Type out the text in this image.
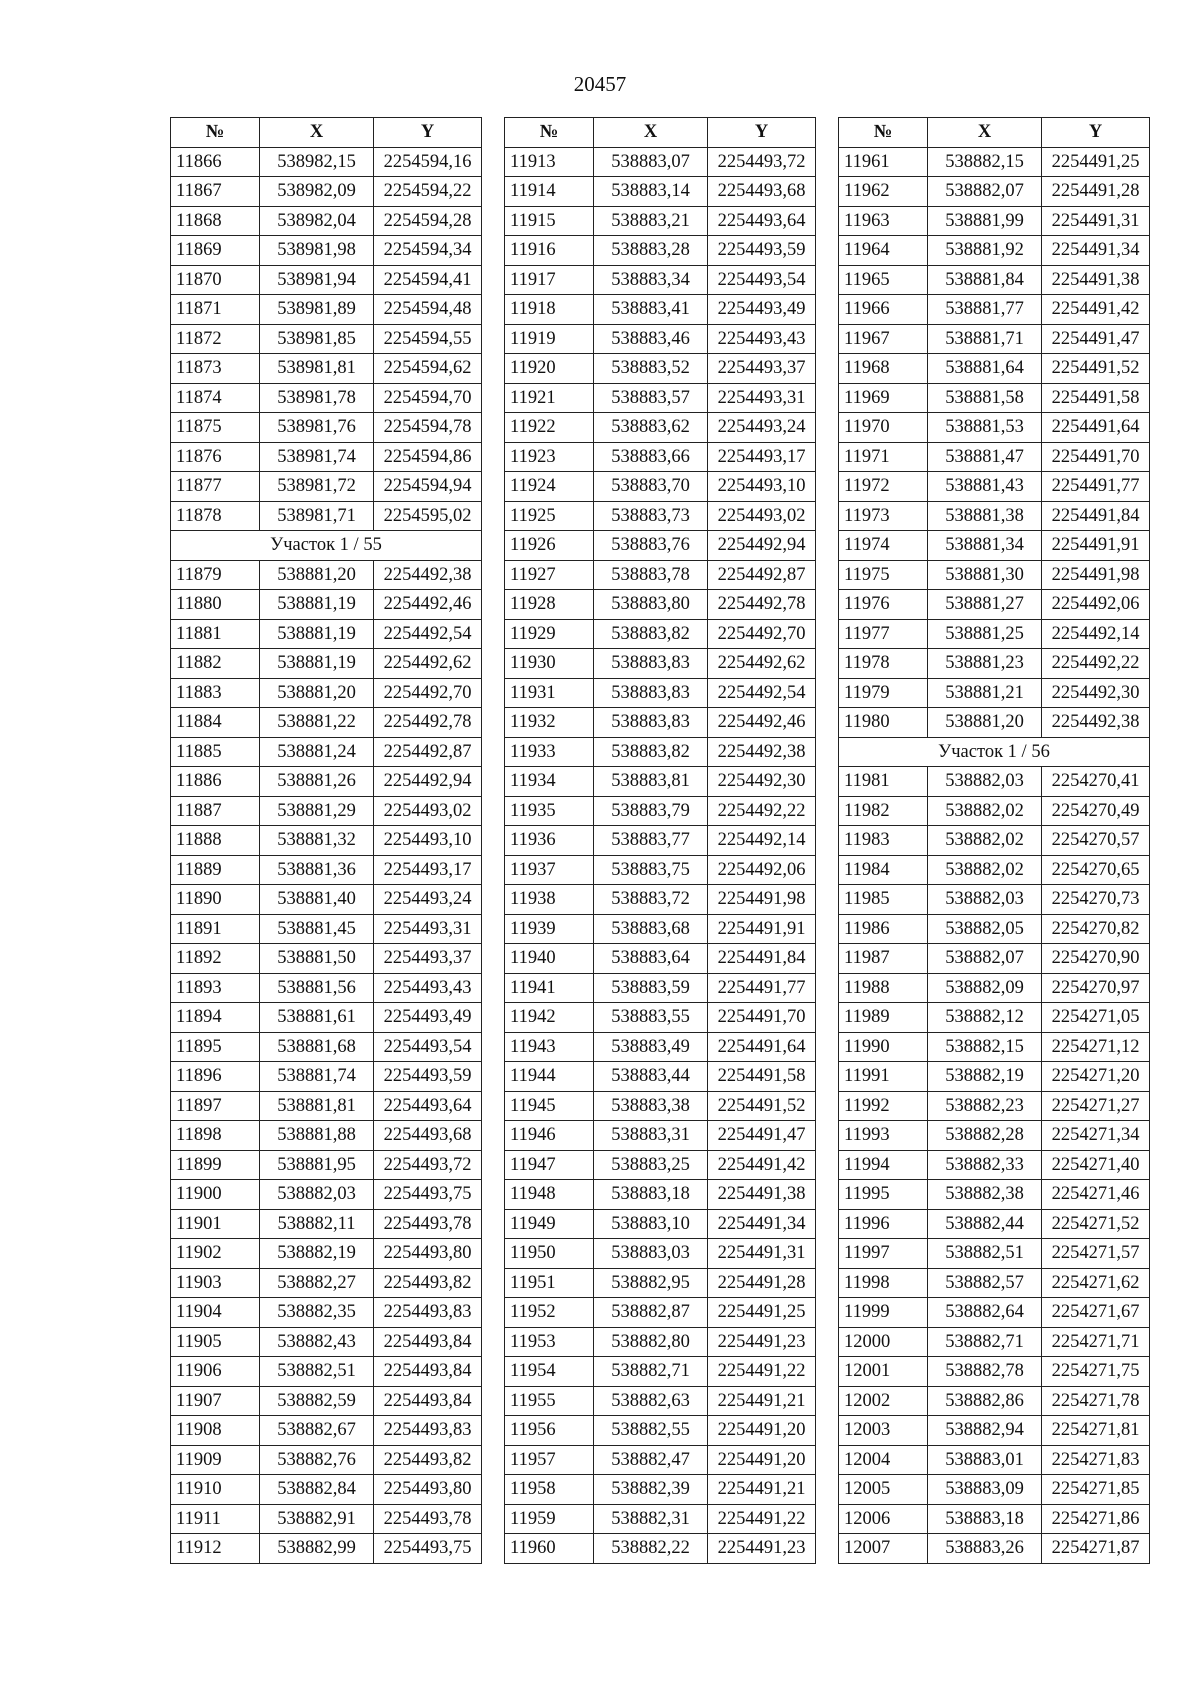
20457
№	X	Y
11866	538982,15	2254594,16
11867	538982,09	2254594,22
11868	538982,04	2254594,28
11869	538981,98	2254594,34
11870	538981,94	2254594,41
11871	538981,89	2254594,48
11872	538981,85	2254594,55
11873	538981,81	2254594,62
11874	538981,78	2254594,70
11875	538981,76	2254594,78
11876	538981,74	2254594,86
11877	538981,72	2254594,94
11878	538981,71	2254595,02
Участок 1 / 55		
11879	538881,20	2254492,38
11880	538881,19	2254492,46
11881	538881,19	2254492,54
11882	538881,19	2254492,62
11883	538881,20	2254492,70
11884	538881,22	2254492,78
11885	538881,24	2254492,87
11886	538881,26	2254492,94
11887	538881,29	2254493,02
11888	538881,32	2254493,10
11889	538881,36	2254493,17
11890	538881,40	2254493,24
11891	538881,45	2254493,31
11892	538881,50	2254493,37
11893	538881,56	2254493,43
11894	538881,61	2254493,49
11895	538881,68	2254493,54
11896	538881,74	2254493,59
11897	538881,81	2254493,64
11898	538881,88	2254493,68
11899	538881,95	2254493,72
11900	538882,03	2254493,75
11901	538882,11	2254493,78
11902	538882,19	2254493,80
11903	538882,27	2254493,82
11904	538882,35	2254493,83
11905	538882,43	2254493,84
11906	538882,51	2254493,84
11907	538882,59	2254493,84
11908	538882,67	2254493,83
11909	538882,76	2254493,82
11910	538882,84	2254493,80
11911	538882,91	2254493,78
11912	538882,99	2254493,75
№	X	Y
11913	538883,07	2254493,72
11914	538883,14	2254493,68
11915	538883,21	2254493,64
11916	538883,28	2254493,59
11917	538883,34	2254493,54
11918	538883,41	2254493,49
11919	538883,46	2254493,43
11920	538883,52	2254493,37
11921	538883,57	2254493,31
11922	538883,62	2254493,24
11923	538883,66	2254493,17
11924	538883,70	2254493,10
11925	538883,73	2254493,02
11926	538883,76	2254492,94
11927	538883,78	2254492,87
11928	538883,80	2254492,78
11929	538883,82	2254492,70
11930	538883,83	2254492,62
11931	538883,83	2254492,54
11932	538883,83	2254492,46
11933	538883,82	2254492,38
11934	538883,81	2254492,30
11935	538883,79	2254492,22
11936	538883,77	2254492,14
11937	538883,75	2254492,06
11938	538883,72	2254491,98
11939	538883,68	2254491,91
11940	538883,64	2254491,84
11941	538883,59	2254491,77
11942	538883,55	2254491,70
11943	538883,49	2254491,64
11944	538883,44	2254491,58
11945	538883,38	2254491,52
11946	538883,31	2254491,47
11947	538883,25	2254491,42
11948	538883,18	2254491,38
11949	538883,10	2254491,34
11950	538883,03	2254491,31
11951	538882,95	2254491,28
11952	538882,87	2254491,25
11953	538882,80	2254491,23
11954	538882,71	2254491,22
11955	538882,63	2254491,21
11956	538882,55	2254491,20
11957	538882,47	2254491,20
11958	538882,39	2254491,21
11959	538882,31	2254491,22
11960	538882,22	2254491,23
№	X	Y
11961	538882,15	2254491,25
11962	538882,07	2254491,28
11963	538881,99	2254491,31
11964	538881,92	2254491,34
11965	538881,84	2254491,38
11966	538881,77	2254491,42
11967	538881,71	2254491,47
11968	538881,64	2254491,52
11969	538881,58	2254491,58
11970	538881,53	2254491,64
11971	538881,47	2254491,70
11972	538881,43	2254491,77
11973	538881,38	2254491,84
11974	538881,34	2254491,91
11975	538881,30	2254491,98
11976	538881,27	2254492,06
11977	538881,25	2254492,14
11978	538881,23	2254492,22
11979	538881,21	2254492,30
11980	538881,20	2254492,38
Участок 1 / 56		
11981	538882,03	2254270,41
11982	538882,02	2254270,49
11983	538882,02	2254270,57
11984	538882,02	2254270,65
11985	538882,03	2254270,73
11986	538882,05	2254270,82
11987	538882,07	2254270,90
11988	538882,09	2254270,97
11989	538882,12	2254271,05
11990	538882,15	2254271,12
11991	538882,19	2254271,20
11992	538882,23	2254271,27
11993	538882,28	2254271,34
11994	538882,33	2254271,40
11995	538882,38	2254271,46
11996	538882,44	2254271,52
11997	538882,51	2254271,57
11998	538882,57	2254271,62
11999	538882,64	2254271,67
12000	538882,71	2254271,71
12001	538882,78	2254271,75
12002	538882,86	2254271,78
12003	538882,94	2254271,81
12004	538883,01	2254271,83
12005	538883,09	2254271,85
12006	538883,18	2254271,86
12007	538883,26	2254271,87
